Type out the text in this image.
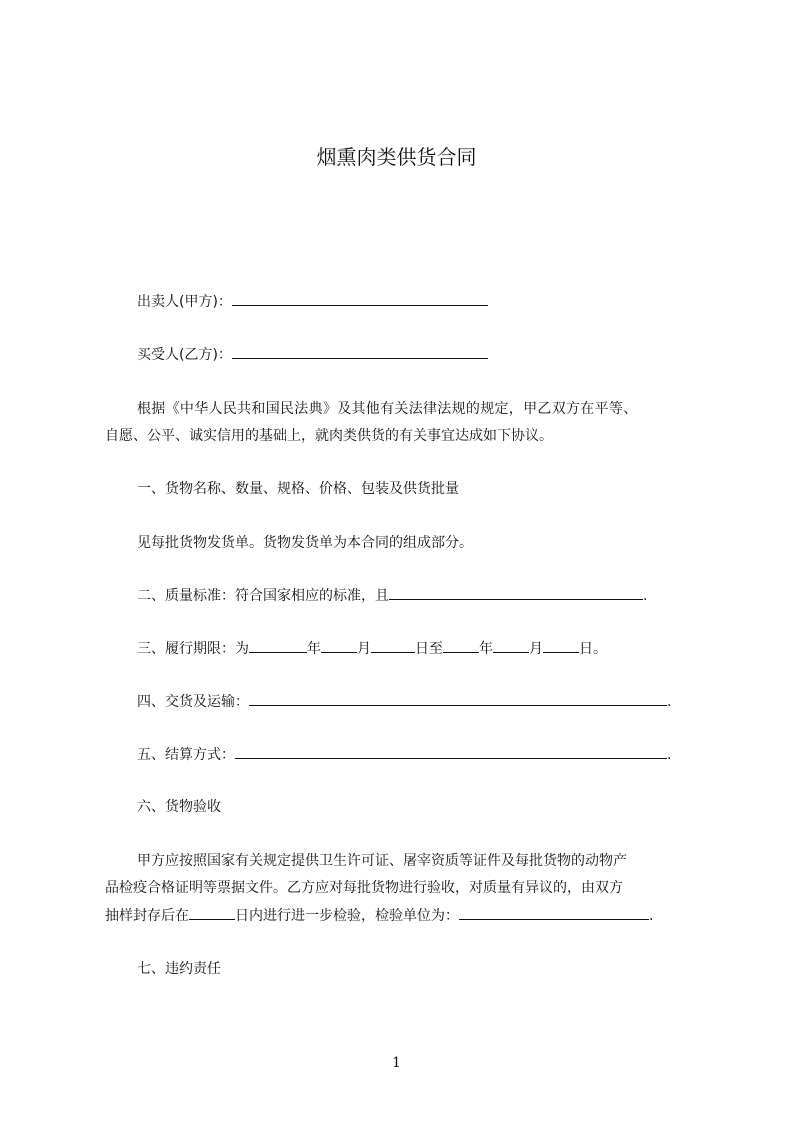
烟熏肉类供货合同
出卖人(甲方)：
买受人(乙方)：
根据《中华人民共和国民法典》及其他有关法律法规的规定，甲乙双方在平等、
自愿、公平、诚实信用的基础上，就肉类供货的有关事宜达成如下协议。
一、货物名称、数量、规格、价格、包装及供货批量
见每批货物发货单。货物发货单为本合同的组成部分。
二、质量标准：符合国家相应的标准，且	.
三、履行期限：为	年	月	日至	年	月	日。
四、交货及运输：	.
五、结算方式：	.
六、货物验收
甲方应按照国家有关规定提供卫生许可证、屠宰资质等证件及每批货物的动物产
品检疫合格证明等票据文件。乙方应对每批货物进行验收，对质量有异议的，由双方
抽样封存后在	日内进行进一步检验，检验单位为：	.
七、违约责任
1
